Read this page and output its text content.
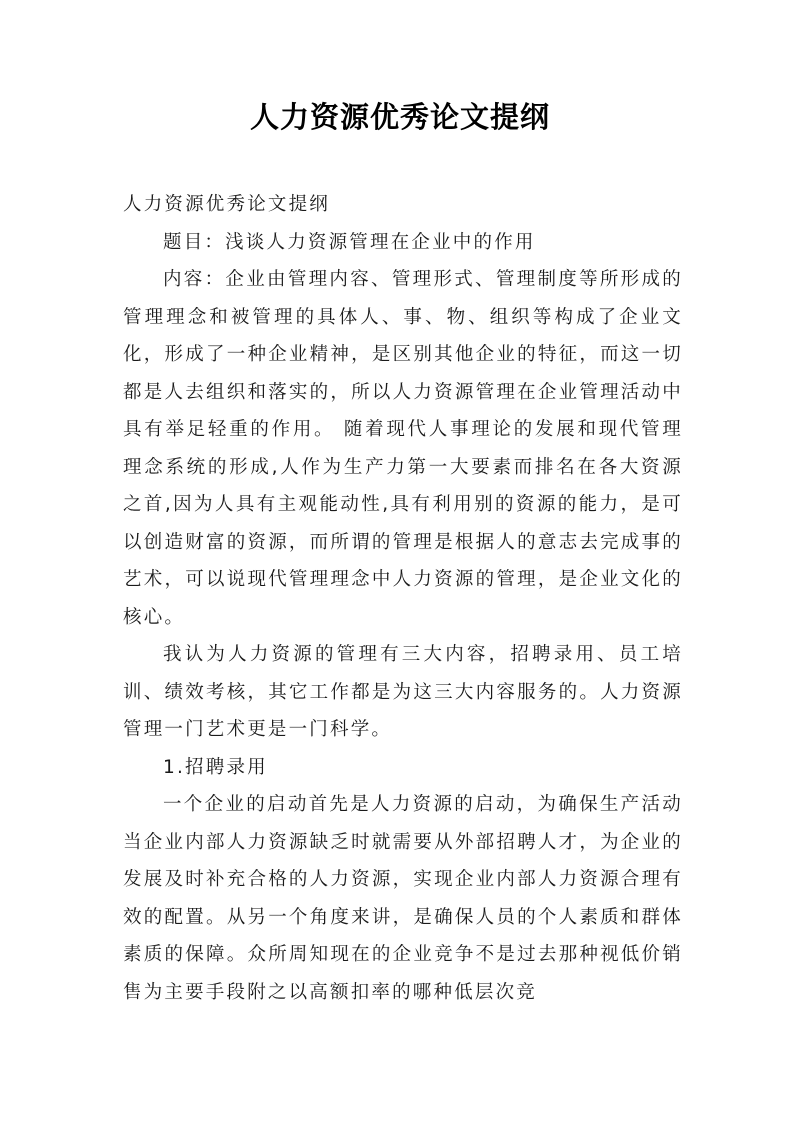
人力资源优秀论文提纲

人力资源优秀论文提纲

题目：浅谈人力资源管理在企业中的作用

内容：企业由管理内容、管理形式、管理制度等所形成的管理理念和被管理的具体人、事、物、组织等构成了企业文化，形成了一种企业精神，是区别其他企业的特征，而这一切都是人去组织和落实的，所以人力资源管理在企业管理活动中具有举足轻重的作用。 随着现代人事理论的发展和现代管理理念系统的形成,人作为生产力第一大要素而排名在各大资源之首,因为人具有主观能动性,具有利用别的资源的能力，是可以创造财富的资源，而所谓的管理是根据人的意志去完成事的艺术，可以说现代管理理念中人力资源的管理，是企业文化的核心。

我认为人力资源的管理有三大内容，招聘录用、员工培训、绩效考核，其它工作都是为这三大内容服务的。人力资源管理一门艺术更是一门科学。

1.招聘录用

一个企业的启动首先是人力资源的启动，为确保生产活动当企业内部人力资源缺乏时就需要从外部招聘人才，为企业的发展及时补充合格的人力资源，实现企业内部人力资源合理有效的配置。从另一个角度来讲，是确保人员的个人素质和群体素质的保障。众所周知现在的企业竞争不是过去那种视低价销售为主要手段附之以高额扣率的哪种低层次竞
